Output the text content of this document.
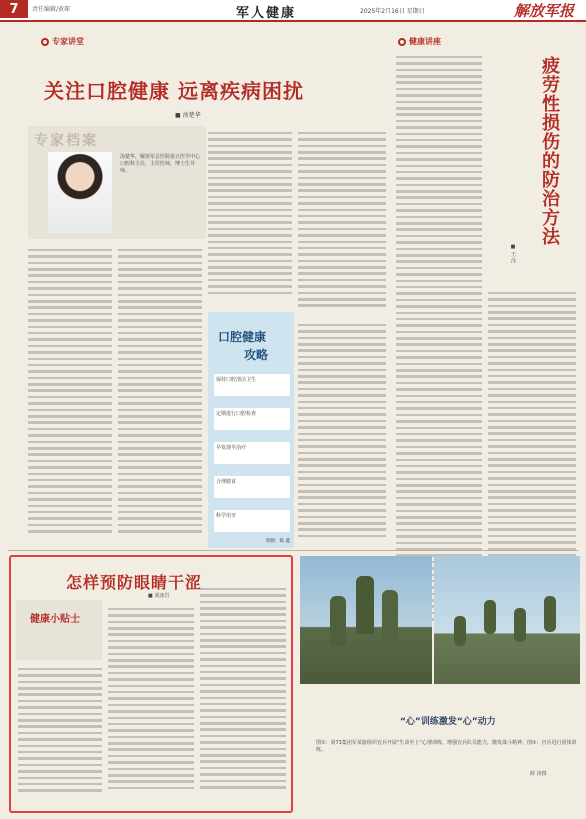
7	责任编辑/黄琛	军人健康	2025年2月16日 星期日	解放军报
专家讲堂
关注口腔健康 远离疾病困扰
■ 汤楚华
专家档案
汤楚华，解放军总医院第五医学中心口腔科主任，主任医师，博士生导师。
口腔健康
攻略
保持口腔清洁卫生
定期进行口腔检查
早发现早治疗
合理膳食
科学用牙
制图：陈 鑫
健康讲座
疲劳性损伤的防治方法
■ 王 洋
怎样预防眼睛干涩
■ 刘冰岩
健康小贴士
“心”训练激发“心”动力
图①：第73集团军某旅组织官兵开展“生命至上”心理训练，增强官兵队员能力，激发战斗精神。图②：官兵进行团体训练。
薛 涛摄
